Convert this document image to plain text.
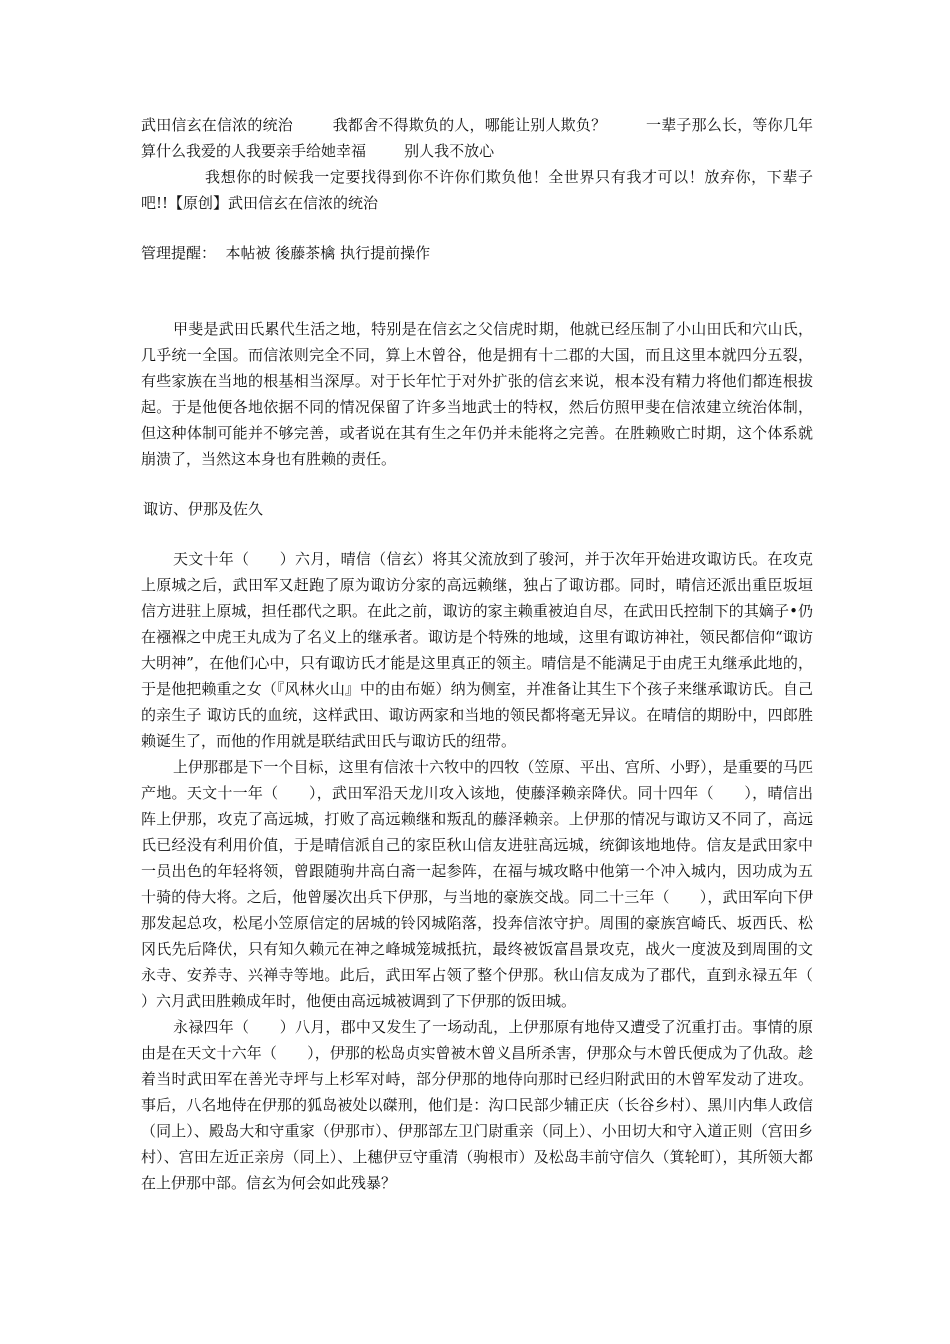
武田信玄在信浓的统治	我都舍不得欺负的人，哪能让别人欺负？	一辈子那么长，等你几年算什么我爱的人我要亲手给她幸福	别人我不放心

我想你的时候我一定要找得到你不许你们欺负他！全世界只有我才可以！放弃你，下辈子吧!!【原创】武田信玄在信浓的统治

管理提醒：  本帖被 後藤茶檎 执行提前操作

甲斐是武田氏累代生活之地，特别是在信玄之父信虎时期，他就已经压制了小山田氏和穴山氏，几乎统一全国。而信浓则完全不同，算上木曾谷，他是拥有十二郡的大国，而且这里本就四分五裂，有些家族在当地的根基相当深厚。对于长年忙于对外扩张的信玄来说，根本没有精力将他们都连根拔起。于是他便各地依据不同的情况保留了许多当地武士的特权，然后仿照甲斐在信浓建立统治体制，但这种体制可能并不够完善，或者说在其有生之年仍并未能将之完善。在胜赖败亡时期，这个体系就崩溃了，当然这本身也有胜赖的责任。

诹访、伊那及佐久

天文十年（　　）六月，晴信（信玄）将其父流放到了骏河，并于次年开始进攻诹访氏。在攻克上原城之后，武田军又赶跑了原为诹访分家的高远赖继，独占了诹访郡。同时，晴信还派出重臣坂垣信方进驻上原城，担任郡代之职。在此之前，诹访的家主赖重被迫自尽，在武田氏控制下的其嫡子•仍在襁褓之中虎王丸成为了名义上的继承者。诹访是个特殊的地域，这里有诹访神社，领民都信仰“诹访大明神”，在他们心中，只有诹访氏才能是这里真正的领主。晴信是不能满足于由虎王丸继承此地的，于是他把赖重之女（『风林火山』中的由布姬）纳为侧室，并准备让其生下个孩子来继承诹访氏。自己的亲生子 诹访氏的血统，这样武田、诹访两家和当地的领民都将毫无异议。在晴信的期盼中，四郎胜赖诞生了，而他的作用就是联结武田氏与诹访氏的纽带。

上伊那郡是下一个目标，这里有信浓十六牧中的四牧（笠原、平出、宫所、小野），是重要的马匹产地。天文十一年（　　），武田军沿天龙川攻入该地，使藤泽赖亲降伏。同十四年（　　），晴信出阵上伊那，攻克了高远城，打败了高远赖继和叛乱的藤泽赖亲。上伊那的情况与诹访又不同了，高远氏已经没有利用价值，于是晴信派自己的家臣秋山信友进驻高远城，统御该地地侍。信友是武田家中一员出色的年轻将领，曾跟随驹井高白斋一起参阵，在福与城攻略中他第一个冲入城内，因功成为五十骑的侍大将。之后，他曾屡次出兵下伊那，与当地的豪族交战。同二十三年（　　），武田军向下伊那发起总攻，松尾小笠原信定的居城的铃冈城陷落，投奔信浓守护。周围的豪族宫崎氏、坂西氏、松冈氏先后降伏，只有知久赖元在神之峰城笼城抵抗，最终被饭富昌景攻克，战火一度波及到周围的文永寺、安养寺、兴禅寺等地。此后，武田军占领了整个伊那。秋山信友成为了郡代，直到永禄五年（　　）六月武田胜赖成年时，他便由高远城被调到了下伊那的饭田城。

永禄四年（　　）八月，郡中又发生了一场动乱，上伊那原有地侍又遭受了沉重打击。事情的原由是在天文十六年（　　），伊那的松岛贞实曾被木曾义昌所杀害，伊那众与木曾氏便成为了仇敌。趁着当时武田军在善光寺坪与上杉军对峙，部分伊那的地侍向那时已经归附武田的木曾军发动了进攻。事后，八名地侍在伊那的狐岛被处以磔刑，他们是：沟口民部少辅正庆（长谷乡村）、黑川内隼人政信（同上）、殿岛大和守重家（伊那市）、伊那部左卫门尉重亲（同上）、小田切大和守入道正则（宫田乡村）、宫田左近正亲房（同上）、上穗伊豆守重清（驹根市）及松岛丰前守信久（箕轮町），其所领大都在上伊那中部。信玄为何会如此残暴？
